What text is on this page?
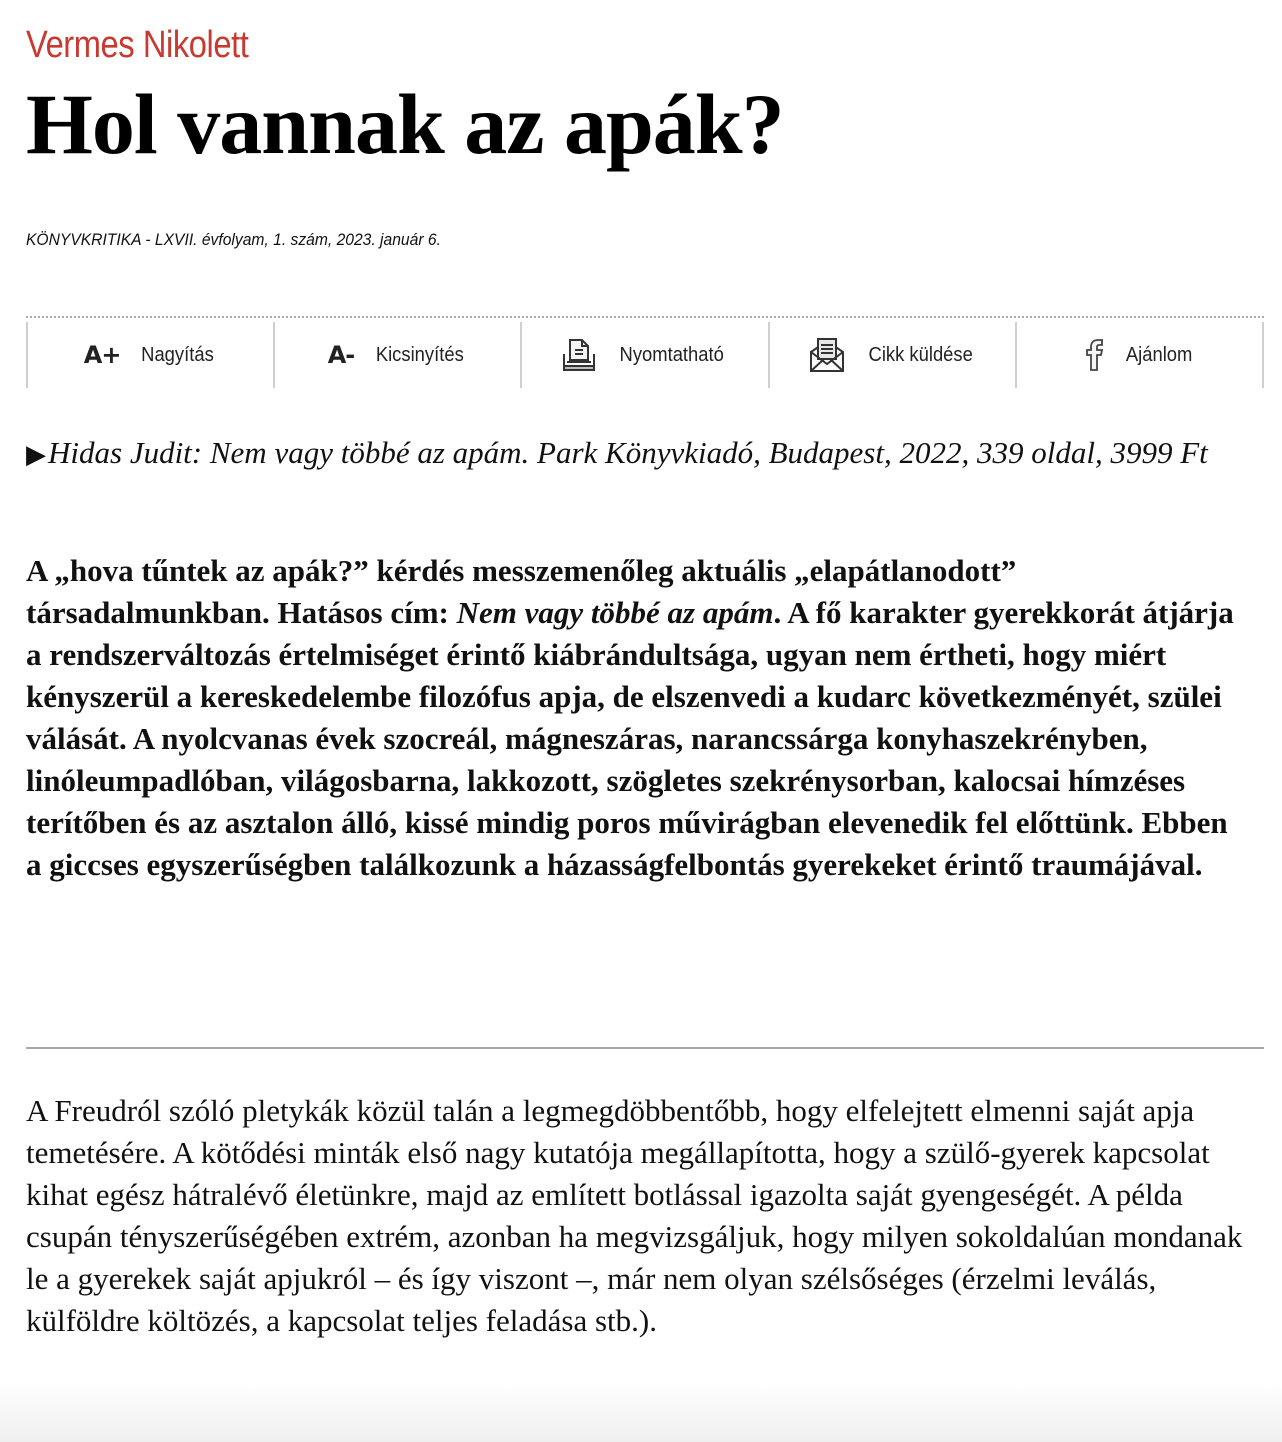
Vermes Nikolett
Hol vannak az apák?
KÖNYVKRITIKA - LXVII. évfolyam, 1. szám, 2023. január 6.
A+ Nagyítás	A- Kicsinyítés	Nyomtatható	Cikk küldése	Ajánlom
▶Hidas Judit: Nem vagy többé az apám. Park Könyvkiadó, Budapest, 2022, 339 oldal, 3999 Ft

A „hova tűntek az apák?” kérdés messzemenőleg aktuális „elapátlanodott” társadalmunkban. Hatásos cím: Nem vagy többé az apám. A fő karakter gyerekkorát átjárja a rendszerváltozás értelmiséget érintő kiábrándultsága, ugyan nem értheti, hogy miért kényszerül a kereskedelembe filozófus apja, de elszenvedi a kudarc következményét, szülei válását. A nyolcvanas évek szocreál, mágneszáras, narancssárga konyhaszekrényben, linóleumpadlóban, világosbarna, lakkozott, szögletes szekrénysorban, kalocsai hímzéses terítőben és az asztalon álló, kissé mindig poros művirágban elevenedik fel előttünk. Ebben a giccses egyszerűségben találkozunk a házasságfelbontás gyerekeket érintő traumájával.

A Freudról szóló pletykák közül talán a legmegdöbbentőbb, hogy elfelejtett elmenni saját apja temetésére. A kötődési minták első nagy kutatója megállapította, hogy a szülő-gyerek kapcsolat kihat egész hátralévő életünkre, majd az említett botlással igazolta saját gyengeségét. A példa csupán tényszerűségében extrém, azonban ha megvizsgáljuk, hogy milyen sokoldalúan mondanak le a gyerekek saját apjukról – és így viszont –, már nem olyan szélsőséges (érzelmi leválás, külföldre költözés, a kapcsolat teljes feladása stb.).
